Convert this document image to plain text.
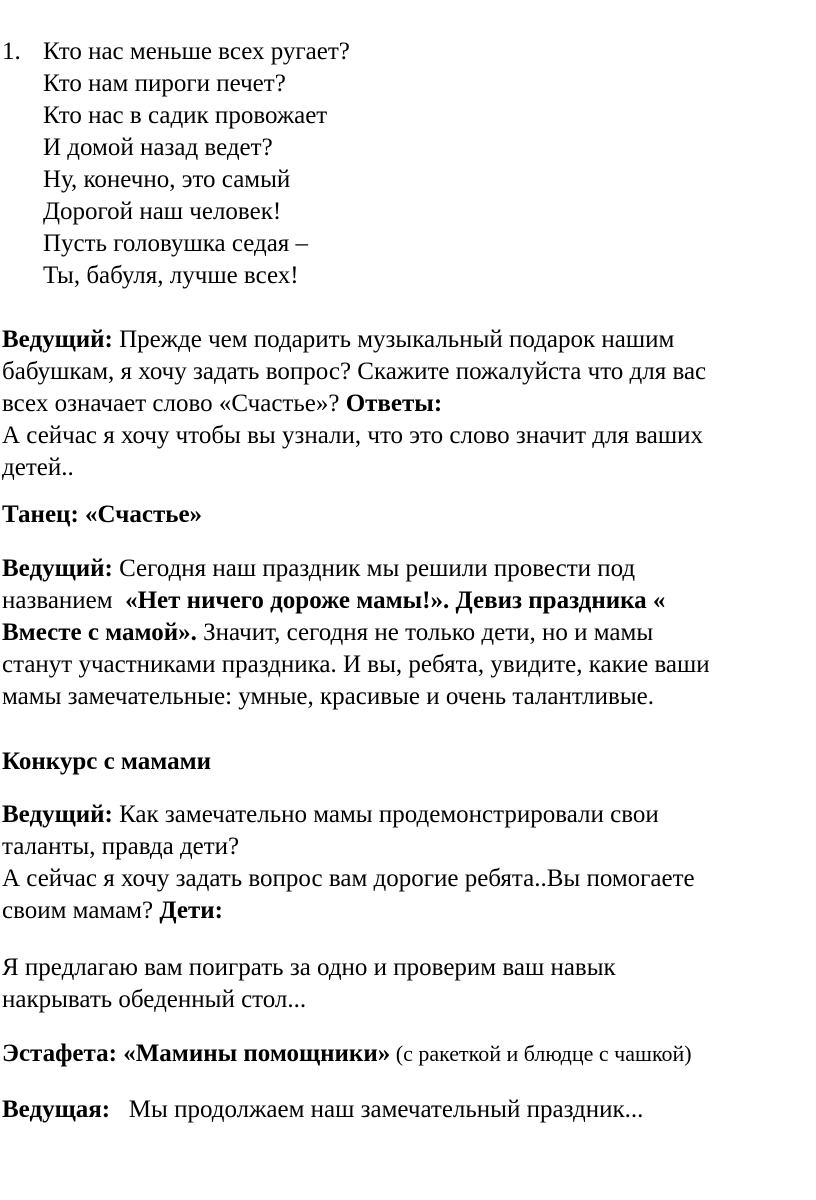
1. Кто нас меньше всех ругает?
Кто нам пироги печет?
Кто нас в садик провожает
И домой назад ведет?
Ну, конечно, это самый
Дорогой наш человек!
Пусть головушка седая –
Ты, бабуля, лучше всех!
Ведущий: Прежде чем подарить музыкальный подарок нашим
бабушкам, я хочу задать вопрос? Скажите пожалуйста что для вас
всех означает слово «Счастье»? Ответы:
А сейчас я хочу чтобы вы узнали, что это слово значит для ваших
детей..
Танец: «Счастье»
Ведущий: Сегодня наш праздник мы решили провести под
названием  «Нет ничего дороже мамы!». Девиз праздника «
Вместе с мамой». Значит, сегодня не только дети, но и мамы
станут участниками праздника. И вы, ребята, увидите, какие ваши
мамы замечательные: умные, красивые и очень талантливые.
Конкурс с мамами
Ведущий: Как замечательно мамы продемонстрировали свои
таланты, правда дети?
А сейчас я хочу задать вопрос вам дорогие ребята..Вы помогаете
своим мамам? Дети:
Я предлагаю вам поиграть за одно и проверим ваш навык
накрывать обеденный стол...
Эстафета: «Мамины помощники» (с ракеткой и блюдце с чашкой)
Ведущая:   Мы продолжаем наш замечательный праздник...
